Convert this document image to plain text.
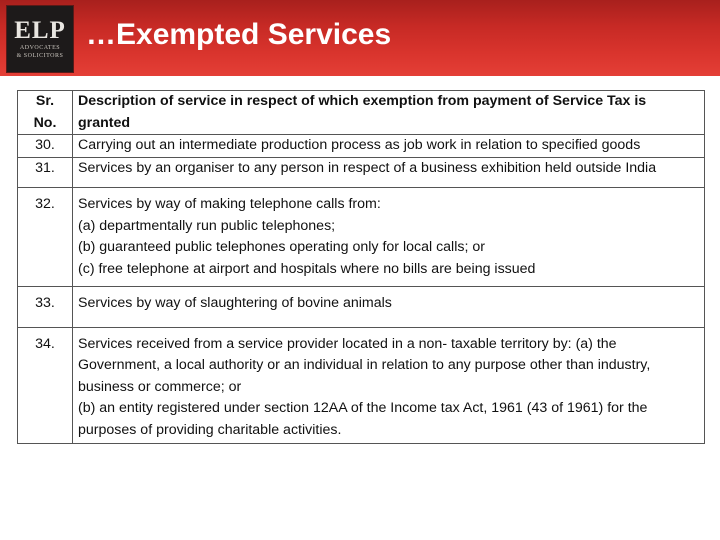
ELP
ADVOCATES
& SOLICITORS
…Exempted Services
Sr. No.	Description of service in respect of which exemption from payment of Service Tax is granted
30.	Carrying out an intermediate production process as job work in relation to specified goods

31.	Services by an organiser to any person in respect of a business exhibition held outside India

32.	Services by way of making telephone calls from:
(a) departmentally run public telephones;
(b) guaranteed public telephones operating only for local calls; or
(c) free telephone at airport and hospitals where no bills are being issued

33.	Services by way of slaughtering of bovine animals

34.	Services received from a service provider located in a non- taxable territory by: (a) the Government, a local authority or an individual in relation to any purpose other than industry, business or commerce; or
(b) an entity registered under section 12AA of the Income tax Act, 1961 (43 of 1961) for the purposes of providing charitable activities.
